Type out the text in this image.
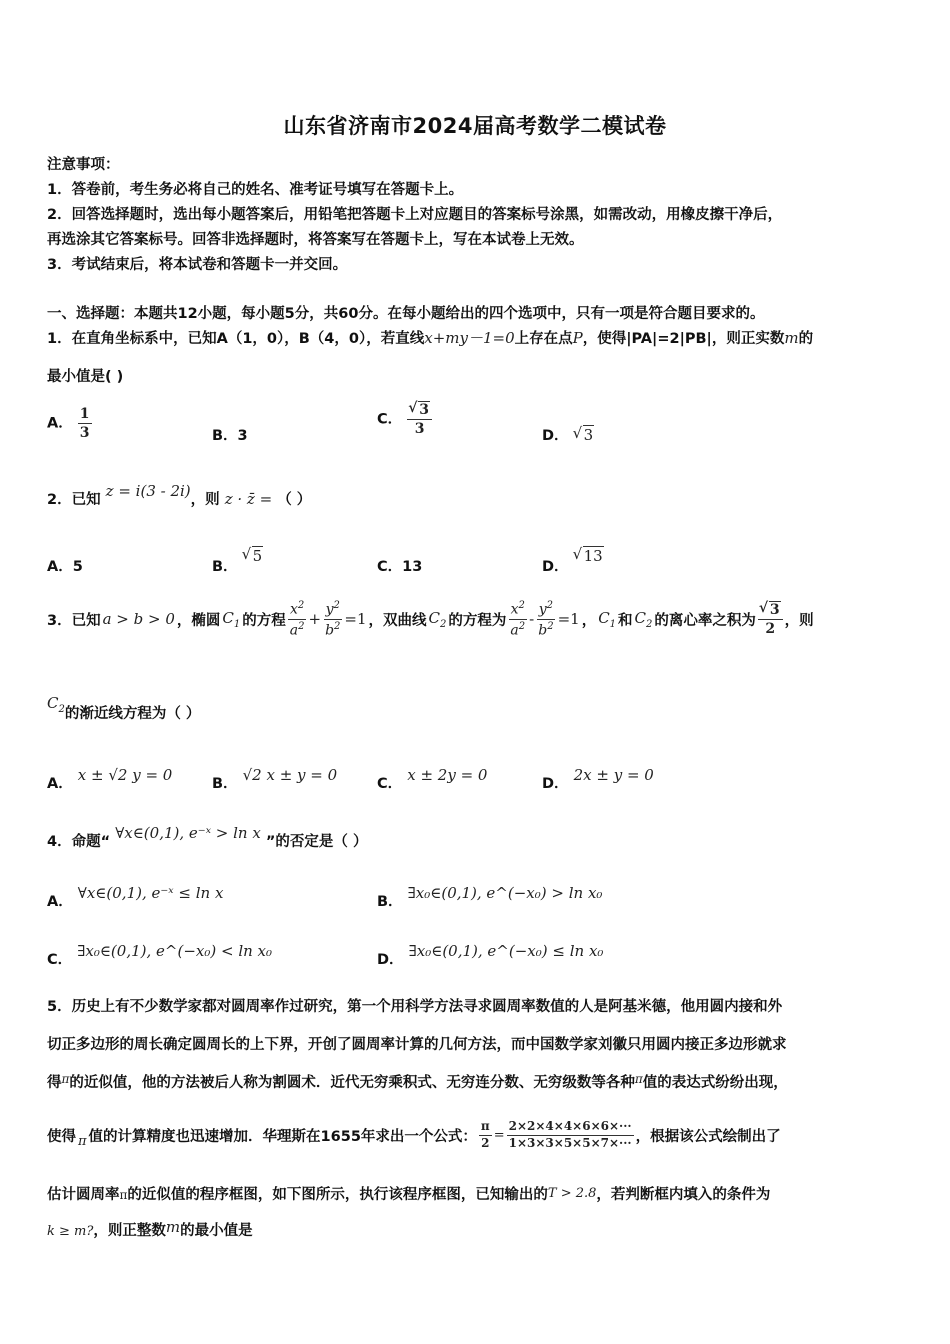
山东省济南市2024届高考数学二模试卷
注意事项：
1．答卷前，考生务必将自己的姓名、准考证号填写在答题卡上。
2．回答选择题时，选出每小题答案后，用铅笔把答题卡上对应题目的答案标号涂黑，如需改动，用橡皮擦干净后，
再选涂其它答案标号。回答非选择题时，将答案写在答题卡上，写在本试卷上无效。
3．考试结束后，将本试卷和答题卡一并交回。
一、选择题：本题共12小题，每小题5分，共60分。在每小题给出的四个选项中，只有一项是符合题目要求的。
1．在直角坐标系中，已知A（1，0），B（4，0），若直线x+my－1=0上存在点P，使得|PA|=2|PB|，则正实数m的
最小值是( )
A． $\frac{1}{3}$	B．3
C． √ $\frac{3}{3}$	D． √ 3
2．已知 z = i(3 - 2i)，则 z · z̄ = （ ）
A．5	B． √ 5
C．13	D． √ 13
3．已知 a > b > 0 ，椭圆 $C_1$ 的方程 $\frac{x^2}{a^2} + \frac{y^2}{b^2} =1$ ，双曲线 $C_2$ 的方程为 $\frac{x^2}{a^2} - \frac{y^2}{b^2} =1$ ， $C_1$ 和 $C_2$ 的离心率之积为 √ $\frac{3}{2}$ ，则
$C_2$的渐近线方程为（ ）
A． x ± √2 y = 0	B． √2 x ± y = 0	C． x ± 2y = 0	D． 2x ± y = 0
4．命题“ ∀x∈(0,1), e⁻ˣ > ln x ”的否定是（ ）
A． ∀x∈(0,1), e⁻ˣ ≤ ln x	B． ∃x₀∈(0,1), e^(−x₀) > ln x₀
C． ∃x₀∈(0,1), e^(−x₀) < ln x₀	D． ∃x₀∈(0,1), e^(−x₀) ≤ ln x₀
5．历史上有不少数学家都对圆周率作过研究，第一个用科学方法寻求圆周率数值的人是阿基米德，他用圆内接和外
切正多边形的周长确定圆周长的上下界，开创了圆周率计算的几何方法，而中国数学家刘徽只用圆内接正多边形就求
得$^\pi$的近似值，他的方法被后人称为割圆术．近代无穷乘积式、无穷连分数、无穷级数等各种$^\pi$值的表达式纷纷出现，
使得 π 值的计算精度也迅速增加．华理斯在1655年求出一个公式： $\frac{\pi}{2} = \frac{2\times 2\times 4\times 4\times 6\times 6\times\cdot\cdot\cdot}{1\times 3\times 3\times 5\times 5\times 7\times\cdot\cdot\cdot}$ ，根据该公式绘制出了
估计圆周率π的近似值的程序框图，如下图所示，执行该程序框图，已知输出的T > 2.8，若判断框内填入的条件为
k ≥ m?，则正整数m的最小值是
